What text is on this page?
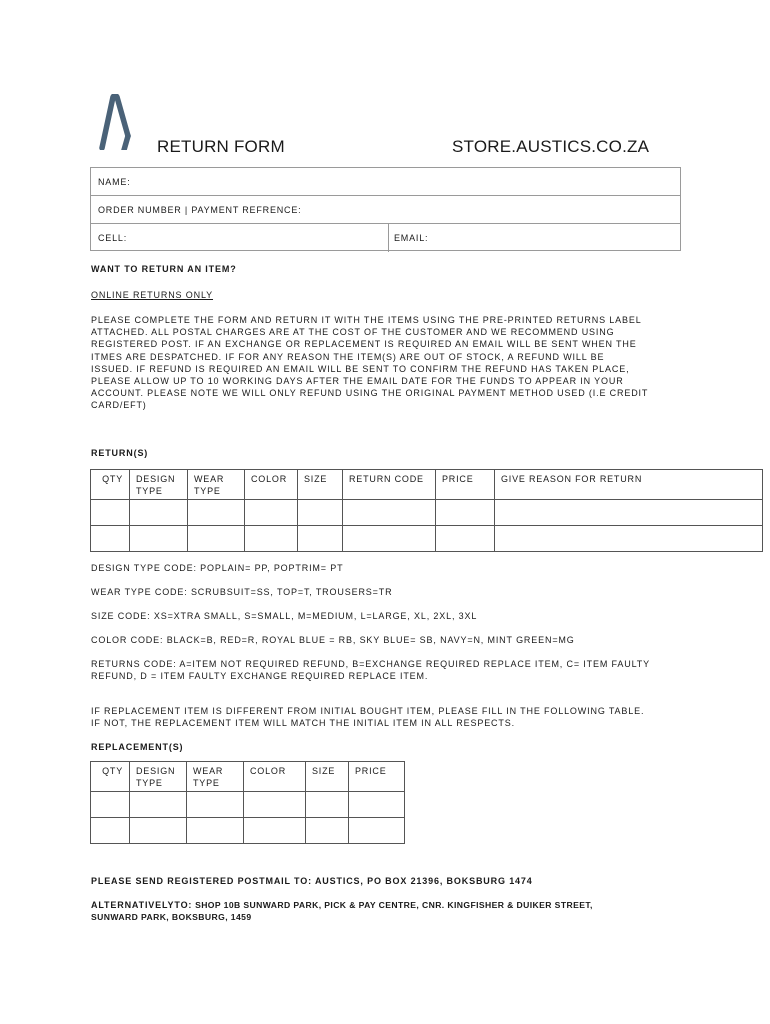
RETURN FORM	STORE.AUSTICS.CO.ZA
NAME:
ORDER NUMBER | PAYMENT REFRENCE:
CELL:	EMAIL:
WANT TO RETURN AN ITEM?
ONLINE RETURNS ONLY
PLEASE COMPLETE THE FORM AND RETURN IT WITH THE ITEMS USING THE PRE-PRINTED RETURNS LABEL
ATTACHED. ALL POSTAL CHARGES ARE AT THE COST OF THE CUSTOMER AND WE RECOMMEND USING
REGISTERED POST. IF AN EXCHANGE OR REPLACEMENT IS REQUIRED AN EMAIL WILL BE SENT WHEN THE
ITMES ARE DESPATCHED. IF FOR ANY REASON THE ITEM(S) ARE OUT OF STOCK, A REFUND WILL BE
ISSUED. IF REFUND IS REQUIRED AN EMAIL WILL BE SENT TO CONFIRM THE REFUND HAS TAKEN PLACE,
PLEASE ALLOW UP TO 10 WORKING DAYS AFTER THE EMAIL DATE FOR THE FUNDS TO APPEAR IN YOUR
ACCOUNT. PLEASE NOTE WE WILL ONLY REFUND USING THE ORIGINAL PAYMENT METHOD USED (I.E CREDIT
CARD/EFT)
RETURN(S)
QTY	DESIGN TYPE	WEAR TYPE	COLOR	SIZE	RETURN CODE	PRICE	GIVE REASON FOR RETURN

DESIGN TYPE CODE: POPLAIN= PP, POPTRIM= PT
WEAR TYPE CODE: SCRUBSUIT=SS, TOP=T, TROUSERS=TR
SIZE CODE: XS=XTRA SMALL, S=SMALL, M=MEDIUM, L=LARGE, XL, 2XL, 3XL
COLOR CODE: BLACK=B, RED=R, ROYAL BLUE = RB, SKY BLUE= SB, NAVY=N, MINT GREEN=MG
RETURNS CODE: A=ITEM NOT REQUIRED REFUND, B=EXCHANGE REQUIRED REPLACE ITEM, C= ITEM FAULTY
REFUND, D = ITEM FAULTY EXCHANGE REQUIRED REPLACE ITEM.
IF REPLACEMENT ITEM IS DIFFERENT FROM INITIAL BOUGHT ITEM, PLEASE FILL IN THE FOLLOWING TABLE.
IF NOT, THE REPLACEMENT ITEM WILL MATCH THE INITIAL ITEM IN ALL RESPECTS.
REPLACEMENT(S)
QTY	DESIGN TYPE	WEAR TYPE	COLOR	SIZE	PRICE

PLEASE SEND REGISTERED POSTMAIL TO: AUSTICS, PO BOX 21396, BOKSBURG 1474
ALTERNATIVELYTO: SHOP 10B SUNWARD PARK, PICK & PAY CENTRE, CNR. KINGFISHER & DUIKER STREET,
SUNWARD PARK, BOKSBURG, 1459
